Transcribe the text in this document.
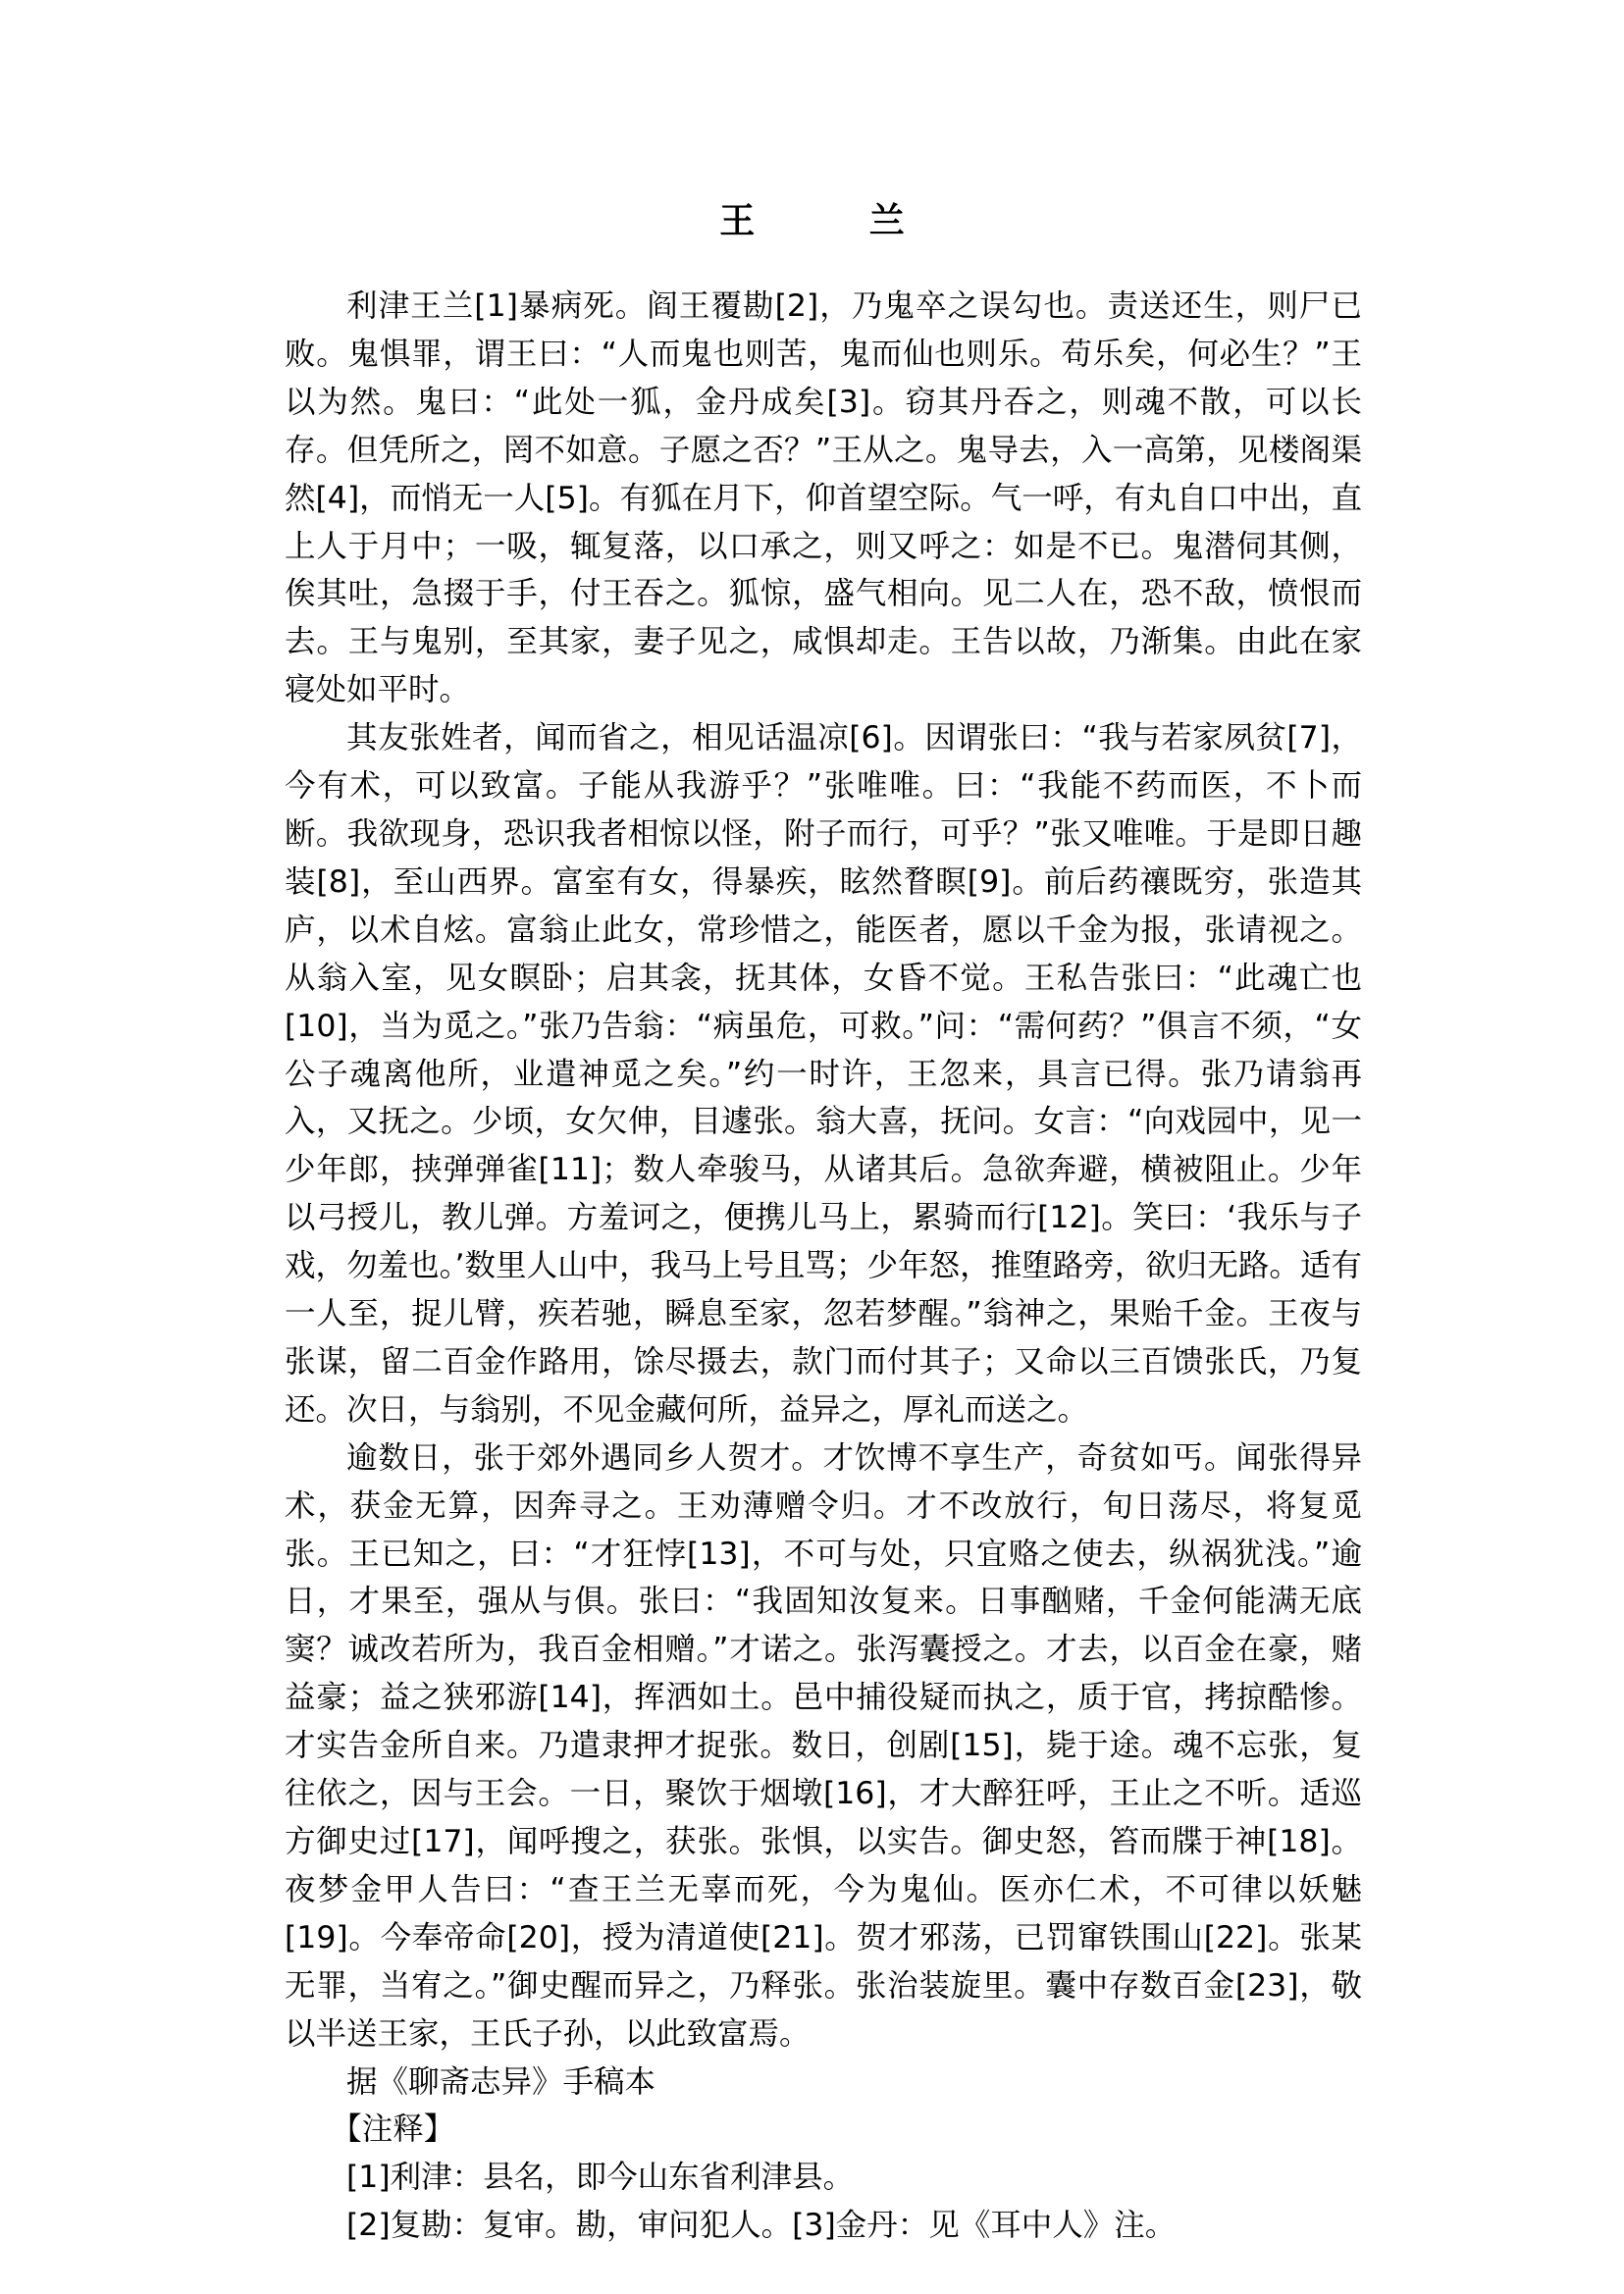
王 兰

利津王兰[1]暴病死。阎王覆勘[2]，乃鬼卒之误勾也。责送还生，则尸已败。鬼惧罪，谓王曰：“人而鬼也则苦，鬼而仙也则乐。苟乐矣，何必生？”王以为然。鬼曰：“此处一狐，金丹成矣[3]。窃其丹吞之，则魂不散，可以长存。但凭所之，罔不如意。子愿之否？”王从之。鬼导去，入一高第，见楼阁渠然[4]，而悄无一人[5]。有狐在月下，仰首望空际。气一呼，有丸自口中出，直上人于月中；一吸，辄复落，以口承之，则又呼之：如是不已。鬼潜伺其侧，俟其吐，急掇于手，付王吞之。狐惊，盛气相向。见二人在，恐不敌，愤恨而去。王与鬼别，至其家，妻子见之，咸惧却走。王告以故，乃渐集。由此在家寝处如平时。

其友张姓者，闻而省之，相见话温凉[6]。因谓张曰：“我与若家夙贫[7]，今有术，可以致富。子能从我游乎？”张唯唯。曰：“我能不药而医，不卜而断。我欲现身，恐识我者相惊以怪，附子而行，可乎？”张又唯唯。于是即日趣装[8]，至山西界。富室有女，得暴疾，眩然瞀瞑[9]。前后药禳既穷，张造其庐，以术自炫。富翁止此女，常珍惜之，能医者，愿以千金为报，张请视之。从翁入室，见女瞑卧；启其衾，抚其体，女昏不觉。王私告张曰：“此魂亡也[10]，当为觅之。”张乃告翁：“病虽危，可救。”问：“需何药？”俱言不须，“女公子魂离他所，业遣神觅之矣。”约一时许，王忽来，具言已得。张乃请翁再入，又抚之。少顷，女欠伸，目遽张。翁大喜，抚问。女言：“向戏园中，见一少年郎，挟弹弹雀[11]；数人牵骏马，从诸其后。急欲奔避，横被阻止。少年以弓授儿，教儿弹。方羞诃之，便携儿马上，累骑而行[12]。笑曰：‘我乐与子戏，勿羞也。’数里人山中，我马上号且骂；少年怒，推堕路旁，欲归无路。适有一人至，捉儿臂，疾若驰，瞬息至家，忽若梦醒。”翁神之，果贻千金。王夜与张谋，留二百金作路用，馀尽摄去，款门而付其子；又命以三百馈张氏，乃复还。次日，与翁别，不见金藏何所，益异之，厚礼而送之。

逾数日，张于郊外遇同乡人贺才。才饮博不享生产，奇贫如丐。闻张得异术，获金无算，因奔寻之。王劝薄赠令归。才不改放行，旬日荡尽，将复觅张。王已知之，曰：“才狂悖[13]，不可与处，只宜赂之使去，纵祸犹浅。”逾日，才果至，强从与俱。张曰：“我固知汝复来。日事酗赌，千金何能满无底窦？诚改若所为，我百金相赠。”才诺之。张泻囊授之。才去，以百金在豪，赌益豪；益之狭邪游[14]，挥洒如土。邑中捕役疑而执之，质于官，拷掠酷惨。才实告金所自来。乃遣隶押才捉张。数日，创剧[15]，毙于途。魂不忘张，复往依之，因与王会。一日，聚饮于烟墩[16]，才大醉狂呼，王止之不听。适巡方御史过[17]，闻呼搜之，获张。张惧，以实告。御史怒，笞而牒于神[18]。夜梦金甲人告曰：“查王兰无辜而死，今为鬼仙。医亦仁术，不可律以妖魅[19]。今奉帝命[20]，授为清道使[21]。贺才邪荡，已罚窜铁围山[22]。张某无罪，当宥之。”御史醒而异之，乃释张。张治装旋里。囊中存数百金[23]，敬以半送王家，王氏子孙，以此致富焉。

据《聊斋志异》手稿本

【注释】

[1]利津：县名，即今山东省利津县。

[2]复勘：复审。勘，审问犯人。[3]金丹：见《耳中人》注。
